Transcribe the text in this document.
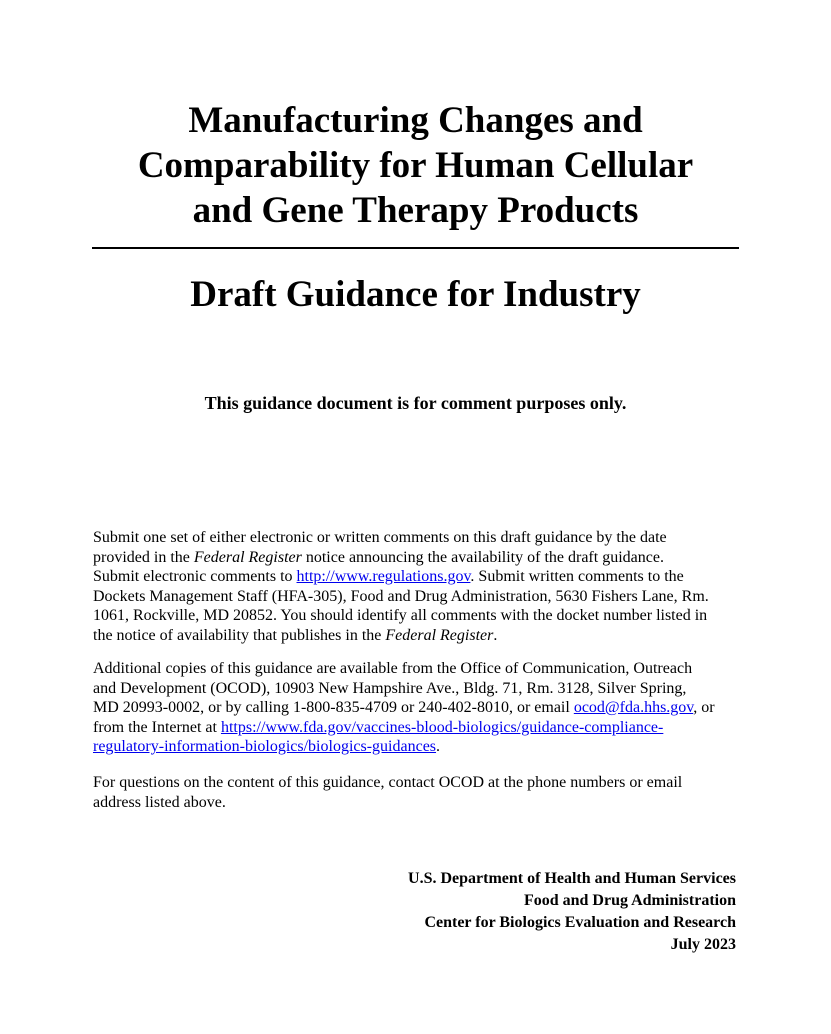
Manufacturing Changes and
Comparability for Human Cellular
and Gene Therapy Products
Draft Guidance for Industry
This guidance document is for comment purposes only.

Submit one set of either electronic or written comments on this draft guidance by the date

provided in the Federal Register notice announcing the availability of the draft guidance.

Submit electronic comments to http://www.regulations.gov. Submit written comments to the

Dockets Management Staff (HFA-305), Food and Drug Administration, 5630 Fishers Lane, Rm.

1061, Rockville, MD 20852. You should identify all comments with the docket number listed in

the notice of availability that publishes in the Federal Register.

Additional copies of this guidance are available from the Office of Communication, Outreach

and Development (OCOD), 10903 New Hampshire Ave., Bldg. 71, Rm. 3128, Silver Spring,

MD 20993-0002, or by calling 1-800-835-4709 or 240-402-8010, or email ocod@fda.hhs.gov, or

from the Internet at https://www.fda.gov/vaccines-blood-biologics/guidance-compliance-

regulatory-information-biologics/biologics-guidances.

For questions on the content of this guidance, contact OCOD at the phone numbers or email

address listed above.

U.S. Department of Health and Human Services
Food and Drug Administration
Center for Biologics Evaluation and Research
July 2023
